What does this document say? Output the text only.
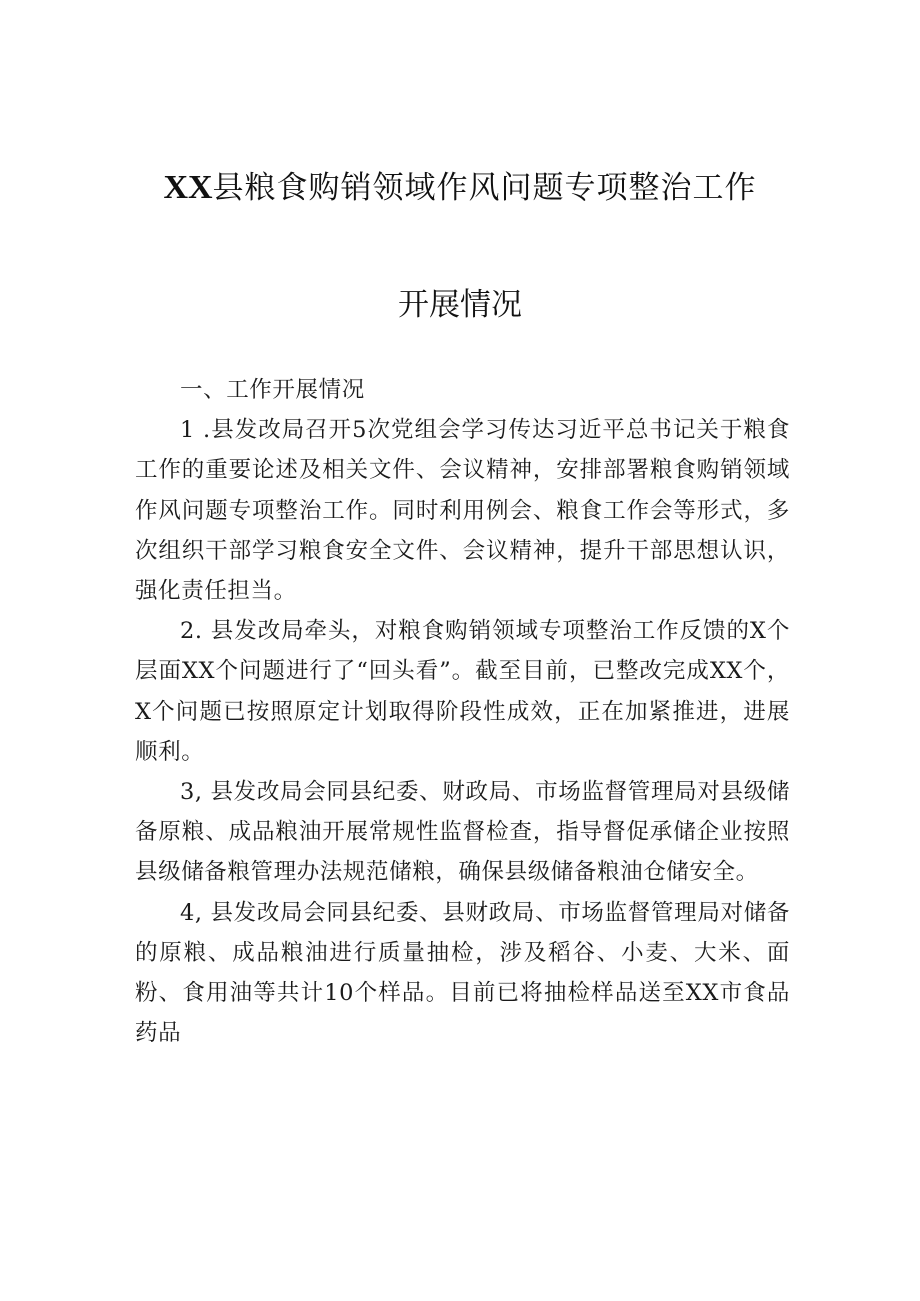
XX县粮食购销领域作风问题专项整治工作
开展情况

一、工作开展情况

1 .县发改局召开5次党组会学习传达习近平总书记关于粮食工作的重要论述及相关文件、会议精神，安排部署粮食购销领域作风问题专项整治工作。同时利用例会、粮食工作会等形式，多次组织干部学习粮食安全文件、会议精神，提升干部思想认识，强化责任担当。

2. 县发改局牵头，对粮食购销领域专项整治工作反馈的X个层面XX个问题进行了“回头看”。截至目前，已整改完成XX个，X个问题已按照原定计划取得阶段性成效，正在加紧推进，进展顺利。

3, 县发改局会同县纪委、财政局、市场监督管理局对县级储备原粮、成品粮油开展常规性监督检查，指导督促承储企业按照县级储备粮管理办法规范储粮，确保县级储备粮油仓储安全。

4, 县发改局会同县纪委、县财政局、市场监督管理局对储备的原粮、成品粮油进行质量抽检，涉及稻谷、小麦、大米、面粉、食用油等共计10个样品。目前已将抽检样品送至XX市食品药品
